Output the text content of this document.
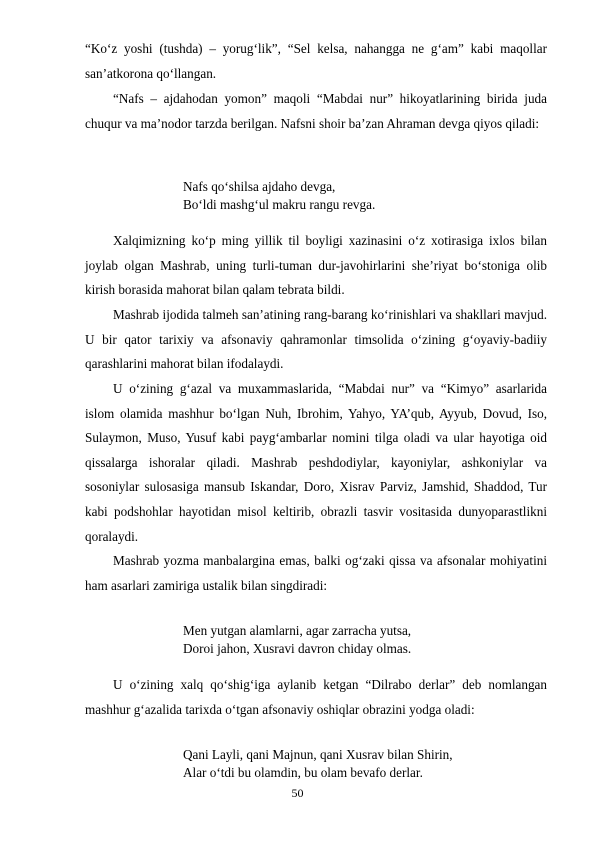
“Ko‘z yoshi (tushda) – yorug‘lik”, “Sel kelsa, nahangga ne g‘am” kabi maqollar san’atkorona qo‘llangan.

“Nafs – ajdahodan yomon” maqoli “Mabdai nur” hikoyatlarining birida juda chuqur va ma’nodor tarzda berilgan. Nafsni shoir ba’zan Ahraman devga qiyos qiladi:

Nafs qo‘shilsa ajdaho devga,
Bo‘ldi mashg‘ul makru rangu revga.

Xalqimizning ko‘p ming yillik til boyligi xazinasini o‘z xotirasiga ixlos bilan joylab olgan Mashrab, uning turli-tuman dur-javohirlarini she’riyat bo‘stoniga olib kirish borasida mahorat bilan qalam tebrata bildi.

Mashrab ijodida talmeh san’atining rang-barang ko‘rinishlari va shakllari mavjud. U bir qator tarixiy va afsonaviy qahramonlar timsolida o‘zining g‘oyaviy-badiiy qarashlarini mahorat bilan ifodalaydi.

U o‘zining g‘azal va muxammaslarida, “Mabdai nur” va “Kimyo” asarlarida islom olamida mashhur bo‘lgan Nuh, Ibrohim, Yahyo, YA’qub, Ayyub, Dovud, Iso, Sulaymon, Muso, Yusuf kabi payg‘ambarlar nomini tilga oladi va ular hayotiga oid qissalarga ishoralar qiladi. Mashrab peshdodiylar, kayoniylar, ashkoniylar va sosoniylar sulosasiga mansub Iskandar, Doro, Xisrav Parviz, Jamshid, Shaddod, Tur kabi podshohlar hayotidan misol keltirib, obrazli tasvir vositasida dunyoparastlikni qoralaydi.

Mashrab yozma manbalargina emas, balki og‘zaki qissa va afsonalar mohiyatini ham asarlari zamiriga ustalik bilan singdiradi:

Men yutgan alamlarni, agar zarracha yutsa,
Doroi jahon, Xusravi davron chiday olmas.

U o‘zining xalq qo‘shig‘iga aylanib ketgan “Dilrabo derlar” deb nomlangan mashhur g‘azalida tarixda o‘tgan afsonaviy oshiqlar obrazini yodga oladi:

Qani Layli, qani Majnun, qani Xusrav bilan Shirin,
Alar o‘tdi bu olamdin, bu olam bevafo derlar.
50
